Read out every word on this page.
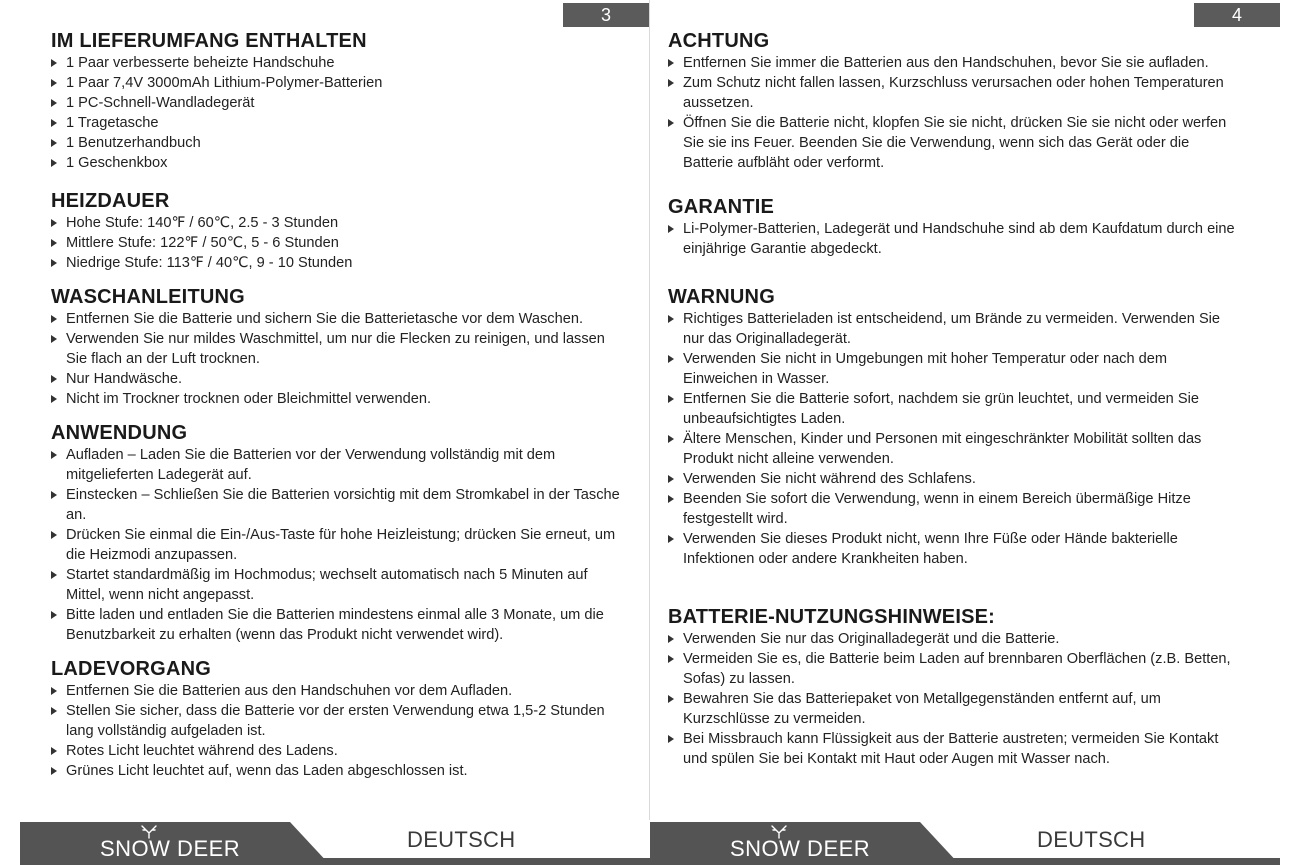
3
IM LIEFERUMFANG ENTHALTEN
1 Paar verbesserte beheizte Handschuhe
1 Paar 7,4V 3000mAh Lithium-Polymer-Batterien
1 PC-Schnell-Wandladegerät
1 Tragetasche
1 Benutzerhandbuch
1 Geschenkbox
HEIZDAUER
Hohe Stufe: 140℉ / 60℃, 2.5 - 3 Stunden
Mittlere Stufe: 122℉ / 50℃, 5 - 6 Stunden
Niedrige Stufe: 113℉ / 40℃, 9 - 10 Stunden
WASCHANLEITUNG
Entfernen Sie die Batterie und sichern Sie die Batterietasche vor dem Waschen.
Verwenden Sie nur mildes Waschmittel, um nur die Flecken zu reinigen, und lassen Sie flach an der Luft trocknen.
Nur Handwäsche.
Nicht im Trockner trocknen oder Bleichmittel verwenden.
ANWENDUNG
Aufladen – Laden Sie die Batterien vor der Verwendung vollständig mit dem mitgelieferten Ladegerät auf.
Einstecken – Schließen Sie die Batterien vorsichtig mit dem Stromkabel in der Tasche an.
Drücken Sie einmal die Ein-/Aus-Taste für hohe Heizleistung; drücken Sie erneut, um die Heizmodi anzupassen.
Startet standardmäßig im Hochmodus; wechselt automatisch nach 5 Minuten auf Mittel, wenn nicht angepasst.
Bitte laden und entladen Sie die Batterien mindestens einmal alle 3 Monate, um die Benutzbarkeit zu erhalten (wenn das Produkt nicht verwendet wird).
LADEVORGANG
Entfernen Sie die Batterien aus den Handschuhen vor dem Aufladen.
Stellen Sie sicher, dass die Batterie vor der ersten Verwendung etwa 1,5-2 Stunden lang vollständig aufgeladen ist.
Rotes Licht leuchtet während des Ladens.
Grünes Licht leuchtet auf, wenn das Laden abgeschlossen ist.
SNOW DEER	DEUTSCH
4
ACHTUNG
Entfernen Sie immer die Batterien aus den Handschuhen, bevor Sie sie aufladen.
Zum Schutz nicht fallen lassen, Kurzschluss verursachen oder hohen Temperaturen aussetzen.
Öffnen Sie die Batterie nicht, klopfen Sie sie nicht, drücken Sie sie nicht oder werfen Sie sie ins Feuer. Beenden Sie die Verwendung, wenn sich das Gerät oder die Batterie aufbläht oder verformt.
GARANTIE
Li-Polymer-Batterien, Ladegerät und Handschuhe sind ab dem Kaufdatum durch eine einjährige Garantie abgedeckt.
WARNUNG
Richtiges Batterieladen ist entscheidend, um Brände zu vermeiden. Verwenden Sie nur das Originalladegerät.
Verwenden Sie nicht in Umgebungen mit hoher Temperatur oder nach dem Einweichen in Wasser.
Entfernen Sie die Batterie sofort, nachdem sie grün leuchtet, und vermeiden Sie unbeaufsichtigtes Laden.
Ältere Menschen, Kinder und Personen mit eingeschränkter Mobilität sollten das Produkt nicht alleine verwenden.
Verwenden Sie nicht während des Schlafens.
Beenden Sie sofort die Verwendung, wenn in einem Bereich übermäßige Hitze festgestellt wird.
Verwenden Sie dieses Produkt nicht, wenn Ihre Füße oder Hände bakterielle Infektionen oder andere Krankheiten haben.
BATTERIE-NUTZUNGSHINWEISE:
Verwenden Sie nur das Originalladegerät und die Batterie.
Vermeiden Sie es, die Batterie beim Laden auf brennbaren Oberflächen (z.B. Betten, Sofas) zu lassen.
Bewahren Sie das Batteriepaket von Metallgegenständen entfernt auf, um Kurzschlüsse zu vermeiden.
Bei Missbrauch kann Flüssigkeit aus der Batterie austreten; vermeiden Sie Kontakt und spülen Sie bei Kontakt mit Haut oder Augen mit Wasser nach.
SNOW DEER	DEUTSCH
